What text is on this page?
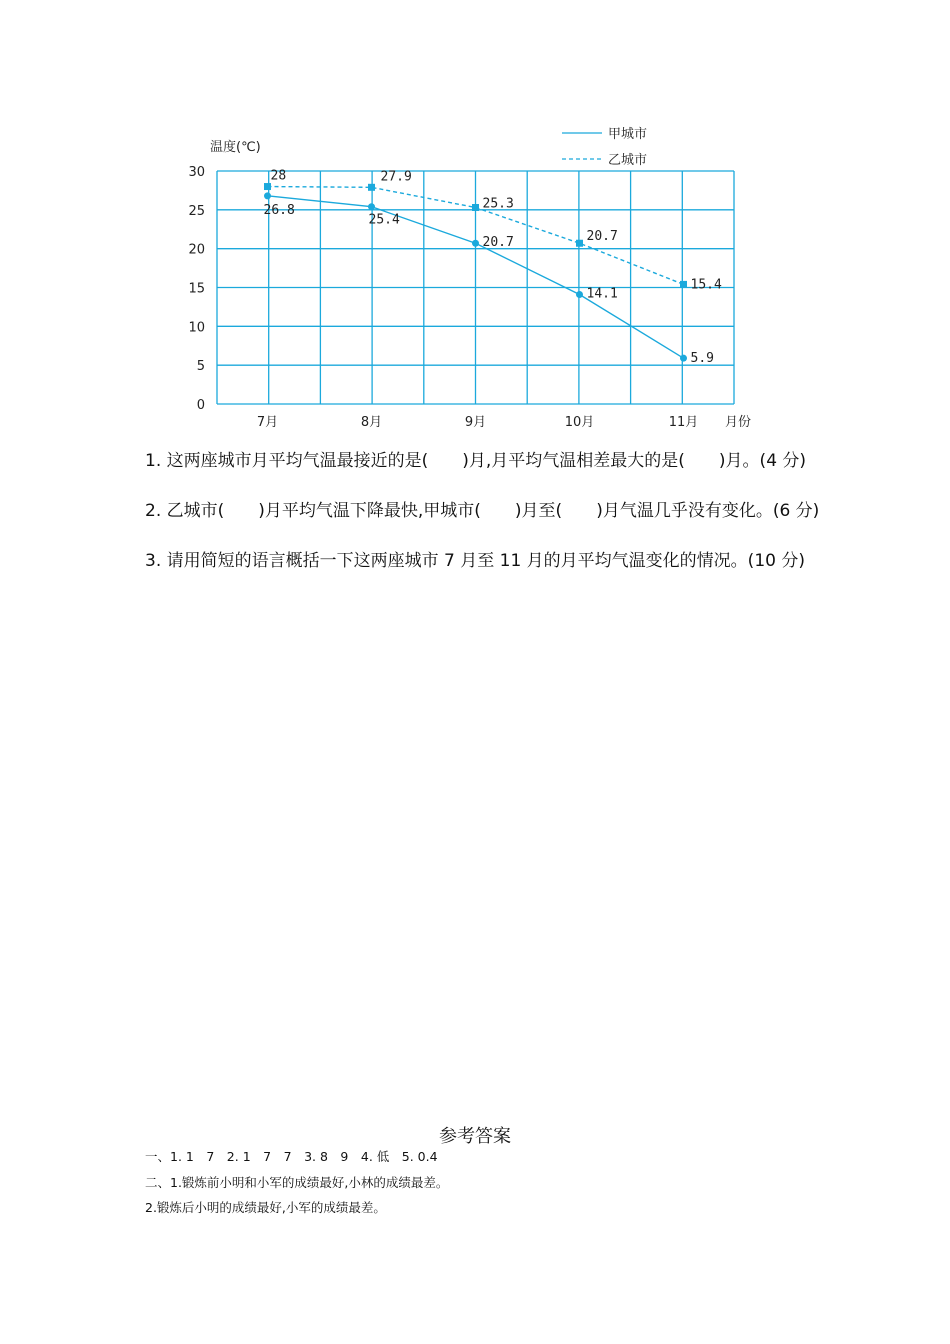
0
5
10
15
20
25
30
7月	8月	9月	10月	11月
温度(℃)
月份
26.8
25.4
20.7
14.1
5.9
28	27.9
25.3
20.7
15.4
甲城市
乙城市
1. 这两座城市月平均气温最接近的是(　　)月,月平均气温相差最大的是(　　)月。(4 分)
2. 乙城市(　　)月平均气温下降最快,甲城市(　　)月至(　　)月气温几乎没有变化。(6 分)
3. 请用简短的语言概括一下这两座城市 7 月至 11 月的月平均气温变化的情况。(10 分)
参考答案
一、1. 1　7　2. 1　7　7　3. 8　9　4. 低　5. 0.4
二、1.锻炼前小明和小军的成绩最好,小林的成绩最差。
2.锻炼后小明的成绩最好,小军的成绩最差。
